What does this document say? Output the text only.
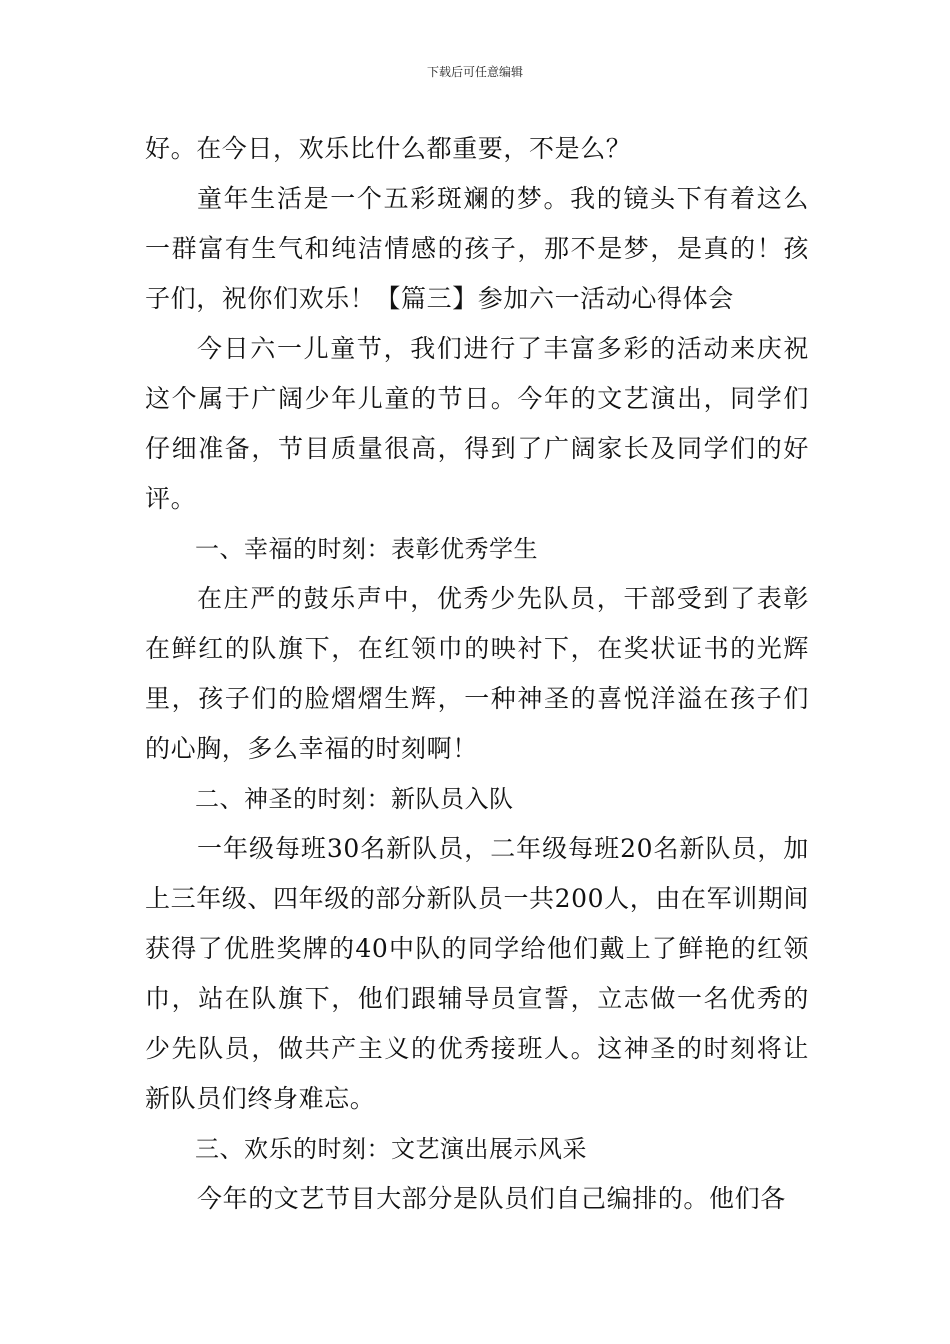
下载后可任意编辑

好。在今日，欢乐比什么都重要，不是么？

童年生活是一个五彩斑斓的梦。我的镜头下有着这么一群富有生气和纯洁情感的孩子，那不是梦，是真的！孩子们，祝你们欢乐！【篇三】参加六一活动心得体会

今日六一儿童节，我们进行了丰富多彩的活动来庆祝这个属于广阔少年儿童的节日。今年的文艺演出，同学们仔细准备，节目质量很高，得到了广阔家长及同学们的好评。

一、幸福的时刻：表彰优秀学生

在庄严的鼓乐声中，优秀少先队员，干部受到了表彰在鲜红的队旗下，在红领巾的映衬下，在奖状证书的光辉里，孩子们的脸熠熠生辉，一种神圣的喜悦洋溢在孩子们的心胸，多么幸福的时刻啊！

二、神圣的时刻：新队员入队

一年级每班30名新队员，二年级每班20名新队员，加上三年级、四年级的部分新队员一共200人，由在军训期间获得了优胜奖牌的40中队的同学给他们戴上了鲜艳的红领巾，站在队旗下，他们跟辅导员宣誓，立志做一名优秀的少先队员，做共产主义的优秀接班人。这神圣的时刻将让新队员们终身难忘。

三、欢乐的时刻：文艺演出展示风采

今年的文艺节目大部分是队员们自己编排的。他们各
